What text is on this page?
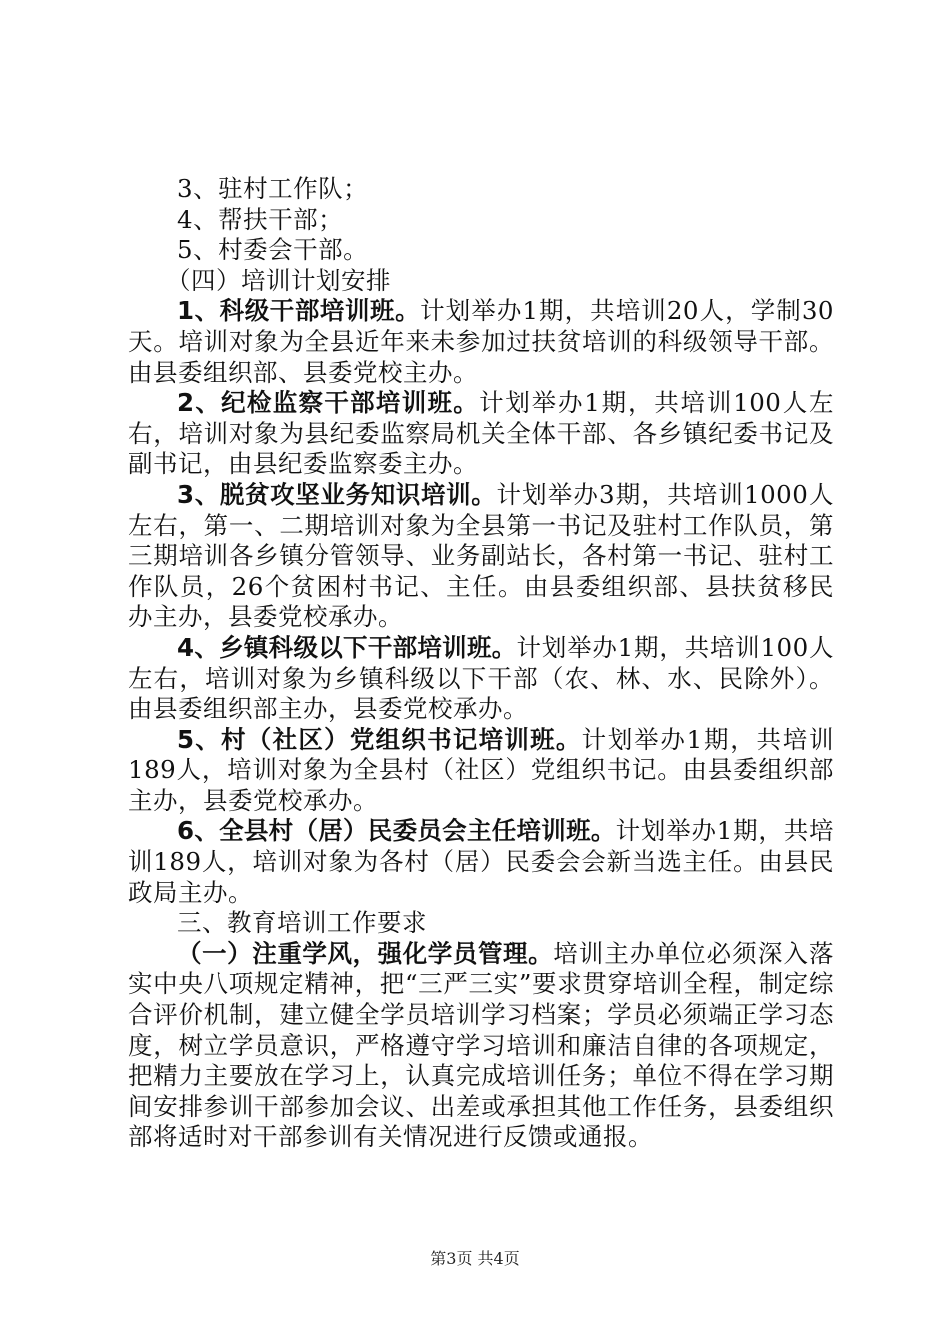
3、驻村工作队；

4、帮扶干部；

5、村委会干部。

（四）培训计划安排

1、科级干部培训班。计划举办1期，共培训20人，学制30天。培训对象为全县近年来未参加过扶贫培训的科级领导干部。由县委组织部、县委党校主办。

2、纪检监察干部培训班。计划举办1期，共培训100人左右，培训对象为县纪委监察局机关全体干部、各乡镇纪委书记及副书记，由县纪委监察委主办。

3、脱贫攻坚业务知识培训。计划举办3期，共培训1000人左右，第一、二期培训对象为全县第一书记及驻村工作队员，第三期培训各乡镇分管领导、业务副站长，各村第一书记、驻村工作队员，26个贫困村书记、主任。由县委组织部、县扶贫移民办主办，县委党校承办。

4、乡镇科级以下干部培训班。计划举办1期，共培训100人左右，培训对象为乡镇科级以下干部（农、林、水、民除外）。由县委组织部主办，县委党校承办。

5、村（社区）党组织书记培训班。计划举办1期，共培训189人，培训对象为全县村（社区）党组织书记。由县委组织部主办，县委党校承办。

6、全县村（居）民委员会主任培训班。计划举办1期，共培训189人，培训对象为各村（居）民委会会新当选主任。由县民政局主办。

三、教育培训工作要求

（一）注重学风，强化学员管理。培训主办单位必须深入落实中央八项规定精神，把“三严三实”要求贯穿培训全程，制定综合评价机制，建立健全学员培训学习档案；学员必须端正学习态度，树立学员意识，严格遵守学习培训和廉洁自律的各项规定，把精力主要放在学习上，认真完成培训任务；单位不得在学习期间安排参训干部参加会议、出差或承担其他工作任务，县委组织部将适时对干部参训有关情况进行反馈或通报。

第3页 共4页
